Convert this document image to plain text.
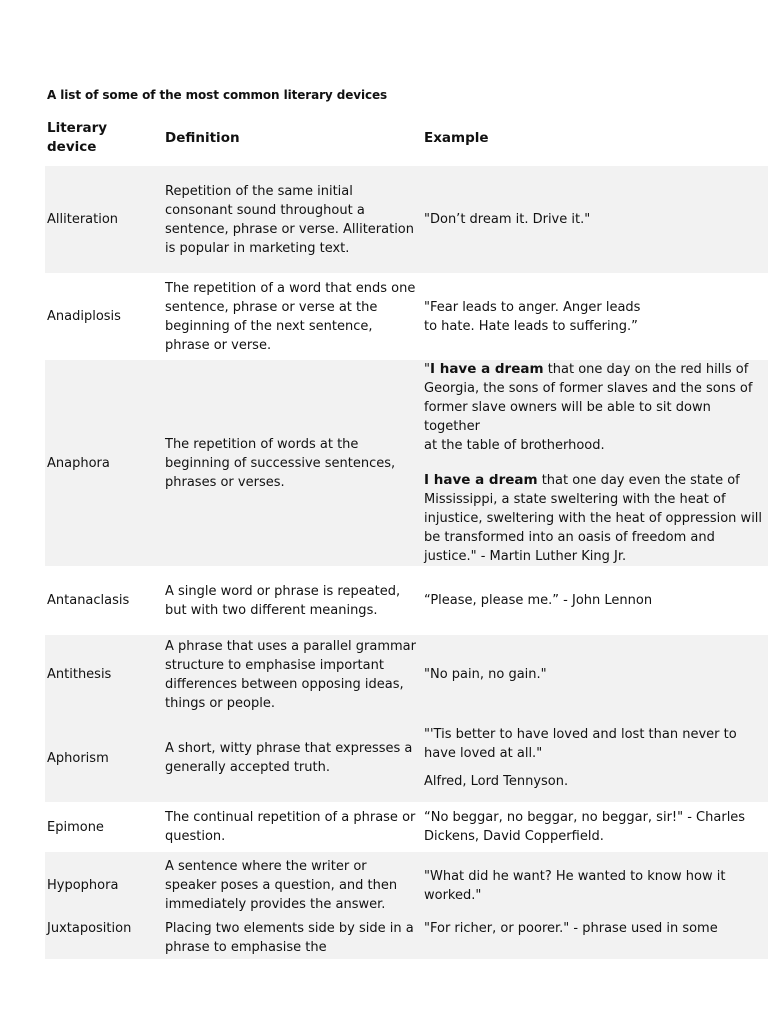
A list of some of the most common literary devices
Literary device	Definition	Example
Alliteration	Repetition of the same initial consonant sound throughout a sentence, phrase or verse. Alliteration is popular in marketing text.	"Don’t dream it. Drive it."
Anadiplosis	The repetition of a word that ends one sentence, phrase or verse at the beginning of the next sentence, phrase or verse.	"Fear leads to anger. Anger leads
to hate. Hate leads to suffering.”

Anaphora	The repetition of words at the beginning of successive sentences, phrases or verses.	"I have a dream that one day on the red hills of Georgia, the sons of former slaves and the sons of former slave owners will be able to sit down together
at the table of brotherhood.

I have a dream that one day even the state of Mississippi, a state sweltering with the heat of injustice, sweltering with the heat of oppression will be transformed into an oasis of freedom and justice." - Martin Luther King Jr.

Antanaclasis	A single word or phrase is repeated, but with two different meanings.	“Please, please me.” - John Lennon
Antithesis	A phrase that uses a parallel grammar structure to emphasise important differences between opposing ideas, things or people.	"No pain, no gain."
Aphorism	A short, witty phrase that expresses a generally accepted truth.	"'Tis better to have loved and lost than never to have loved at all."

Alfred, Lord Tennyson.

Epimone	The continual repetition of a phrase or question.	“No beggar, no beggar, no beggar, sir!" - Charles Dickens, David Copperfield.
Hypophora	A sentence where the writer or speaker poses a question, and then immediately provides the answer.	"What did he want? He wanted to know how it worked."
Juxtaposition	Placing two elements side by side in a phrase to emphasise the	"For richer, or poorer." - phrase used in some
